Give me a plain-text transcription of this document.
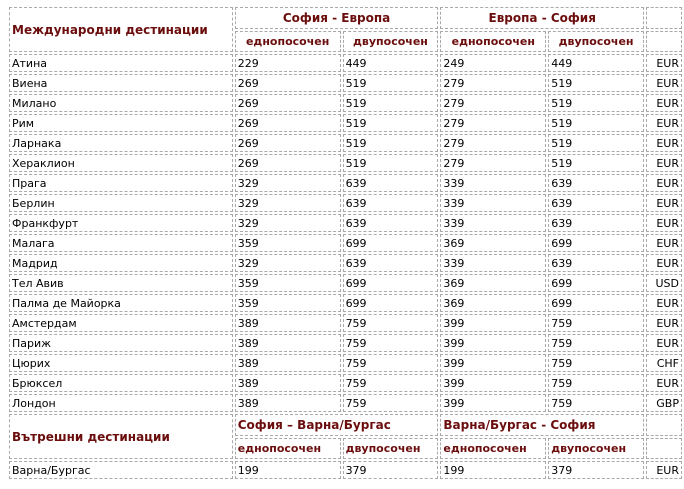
Международни дестинации	София - Европа		Европа - София		
	еднопосочен	двупосочен	еднопосочен	двупосочен	
Атина	229	449	249	449	EUR
Виена	269	519	279	519	EUR
Милано	269	519	279	519	EUR
Рим	269	519	279	519	EUR
Ларнака	269	519	279	519	EUR
Хераклион	269	519	279	519	EUR
Прага	329	639	339	639	EUR
Берлин	329	639	339	639	EUR
Франкфурт	329	639	339	639	EUR
Малага	359	699	369	699	EUR
Мадрид	329	639	339	639	EUR
Тел Авив	359	699	369	699	USD
Палма де Майорка	359	699	369	699	EUR
Амстердам	389	759	399	759	EUR
Париж	389	759	399	759	EUR
Цюрих	389	759	399	759	CHF
Брюксел	389	759	399	759	EUR
Лондон	389	759	399	759	GBP
Вътрешни дестинации	София – Варна/Бургас		Варна/Бургас - София		
	еднопосочен	двупосочен	еднопосочен	двупосочен	
Варна/Бургас	199	379	199	379	EUR
